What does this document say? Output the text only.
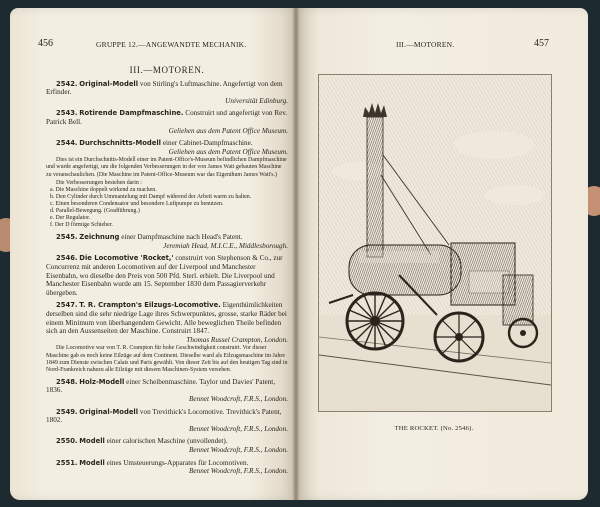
456	GRUPPE 12.—ANGEWANDTE MECHANIK.
III.—MOTOREN.
2542. Original-Modell von Stirling's Luftmaschine. Angefertigt von dem Erfinder.
Universität Edinburg.
2543. Rotirende Dampfmaschine. Construirt und angefertigt von Rev. Patrick Bell.
Geliehen aus dem Patent Office Museum.
2544. Durchschnitts-Modell einer Cabinet-Dampfmaschine.
Geliehen aus dem Patent Office Museum.
Dies ist ein Durchschnitts-Modell einer im Patent-Office's-Museum befindlichen Dampfmaschine und wurde angefertigt, um die folgenden Verbesserungen in der von James Watt gebauten Maschine zu veranschaulichen. (Die Maschine im Patent-Office-Museum war das Eigenthum James Watt's.)
Die Verbesserungen bestehen darin :
a. Die Maschine doppelt wirkend zu machen.
b. Den Cylinder durch Ummantelung mit Dampf während der Arbeit warm zu halten.
c. Einen besonderen Condensator und besondere Luftpumpe zu benutzen.
d. Parallel-Bewegung. (Gradführung.)
e. Der Regulator.
f. Der D förmige Schieber.
2545. Zeichnung einer Dampfmaschine nach Head's Patent.
Jeremiah Head, M.I.C.E., Middlesborough.
2546. Die Locomotive 'Rocket,' construirt von Stephenson & Co., zur Concurrenz mit anderen Locomotiven auf der Liverpool und Manchester Eisenbahn, wo dieselbe den Preis von 500 Pfd. Sterl. erhielt. Die Liverpool und Manchester Eisenbahn wurde am 15. September 1830 dem Passagierverkehr übergeben.
2547. T. R. Crampton's Eilzugs-Locomotive. Eigenthümlichkeiten derselben sind die sehr niedrige Lage ihres Schwerpunktes, grosse, starke Räder bei einem Minimum von überhangendem Gewicht. Alle beweglichen Theile befinden sich an den Aussenseiten der Maschine. Construirt 1847.
Thomas Russel Crampton, London.
Die Locomotive war von T. R. Crampton für hohe Geschwindigkeit construirt. Vor dieser Maschine gab es noch keine Eilzüge auf dem Continent. Dieselbe ward als Eilzugsmaschine im Jahre 1849 zum Dienste zwischen Calais und Paris gewählt. Von dieser Zeit bis auf den heutigen Tag sind in Nord-Frankreich nahezu alle Eilzüge mit diesem Maschinen-System versehen.
2548. Holz-Modell einer Scheibenmaschine. Taylor und Davies' Patent, 1836.
Bennet Woodcroft, F.R.S., London.
2549. Original-Modell von Trevithick's Locomotive. Trevithick's Patent, 1802.
Bennet Woodcroft, F.R.S., London.
2550. Modell einer calorischen Maschine (unvollendet).
Bennet Woodcroft, F.R.S., London.
2551. Modell eines Umsteuerungs-Apparates für Locomotiven.
Bennet Woodcroft, F.R.S., London.
III.—MOTOREN.	457
THE ROCKET. (No. 2546).
